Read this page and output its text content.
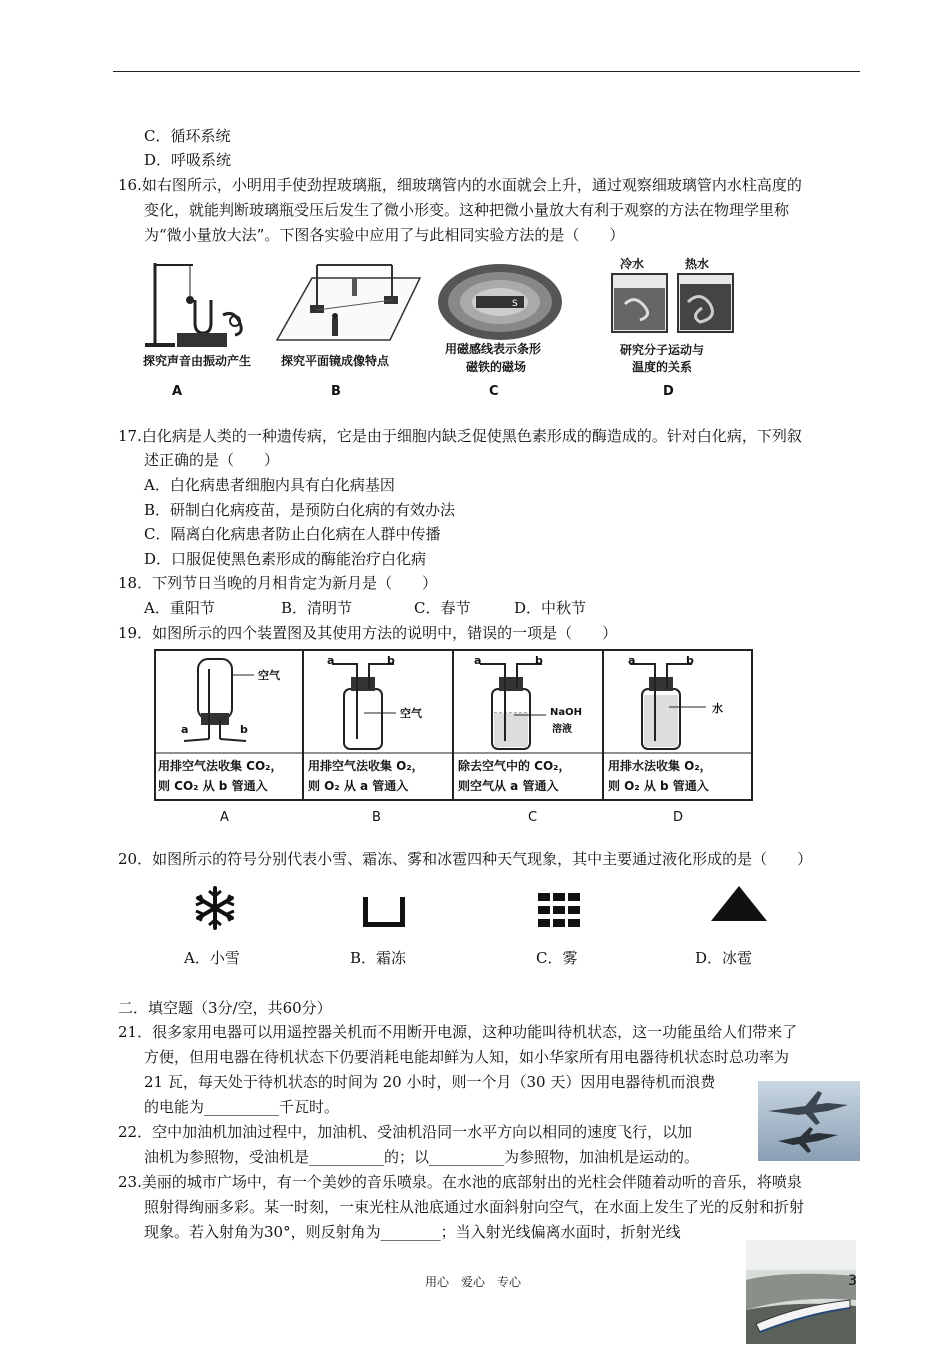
C．循环系统
D．呼吸系统
16.如右图所示，小明用手使劲捏玻璃瓶，细玻璃管内的水面就会上升，通过观察细玻璃管内水柱高度的
变化，就能判断玻璃瓶受压后发生了微小形变。这种把微小量放大有利于观察的方法在物理学里称
为“微小量放大法”。下图各实验中应用了与此相同实验方法的是（　　）
探究声音由振动产生
A
探究平面镜成像特点
B
S
用磁感线表示条形
磁铁的磁场
C
冷水	热水
研究分子运动与
温度的关系
D
17.白化病是人类的一种遗传病，它是由于细胞内缺乏促使黑色素形成的酶造成的。针对白化病，下列叙
述正确的是（　　）
A．白化病患者细胞内具有白化病基因
B．研制白化病疫苗，是预防白化病的有效办法
C．隔离白化病患者防止白化病在人群中传播
D．口服促使黑色素形成的酶能治疗白化病
18．下列节日当晚的月相肯定为新月是（　　）
A．重阳节	B．清明节	C．春节	D．中秋节
19．如图所示的四个装置图及其使用方法的说明中，错误的一项是（　　）
空气
a	b
a	b
空气
a	b
NaOH
溶液
a	b
水
用排空气法收集 CO₂，
则 CO₂ 从 b 管通入
用排空气法收集 O₂，
则 O₂ 从 a 管通入
除去空气中的 CO₂，
则空气从 a 管通入
用排水法收集 O₂，
则 O₂ 从 b 管通入
A	B	C	D
20．如图所示的符号分别代表小雪、霜冻、雾和冰雹四种天气现象，其中主要通过液化形成的是（　　）
A．小雪	B．霜冻	C．雾	D．冰雹
二．填空题（3分/空，共60分）
21．很多家用电器可以用遥控器关机而不用断开电源，这种功能叫待机状态，这一功能虽给人们带来了
方便，但用电器在待机状态下仍要消耗电能却鲜为人知，如小华家所有用电器待机状态时总功率为
21 瓦，每天处于待机状态的时间为 20 小时，则一个月（30 天）因用电器待机而浪费
的电能为__________千瓦时。
22．空中加油机加油过程中，加油机、受油机沿同一水平方向以相同的速度飞行，以加
油机为参照物，受油机是__________的；以__________为参照物，加油机是运动的。
23.美丽的城市广场中，有一个美妙的音乐喷泉。在水池的底部射出的光柱会伴随着动听的音乐，将喷泉
照射得绚丽多彩。某一时刻，一束光柱从池底通过水面斜射向空气，在水面上发生了光的反射和折射
现象。若入射角为30°，则反射角为________；当入射光线偏离水面时，折射光线
用心　爱心　专心	3
